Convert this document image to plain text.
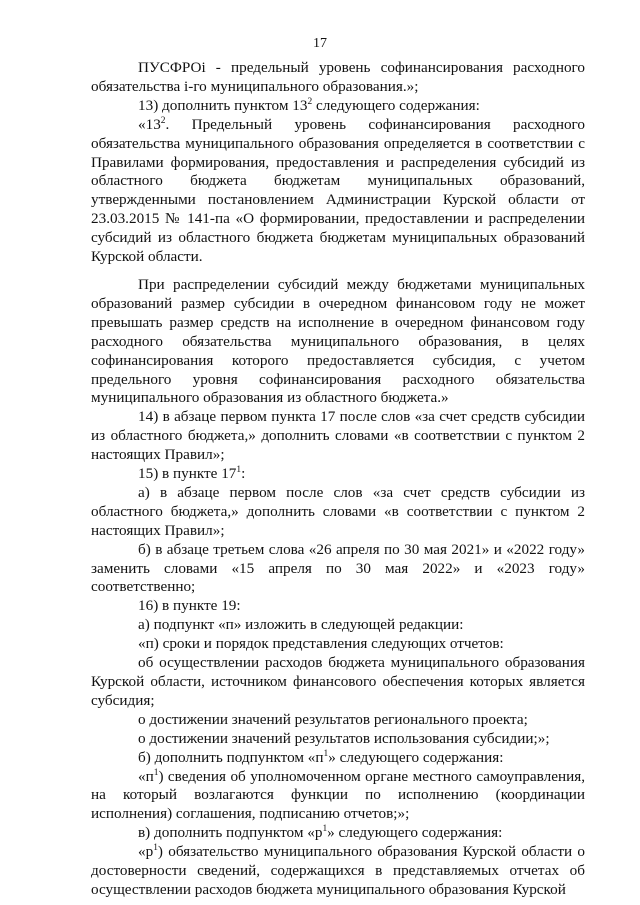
17

ПУСФРОi - предельный уровень софинансирования расходного обязательства i-го муниципального образования.»;

13) дополнить пунктом $13^2$ следующего содержания:

«$13^2$. Предельный уровень софинансирования расходного обязательства муниципального образования определяется в соответствии с Правилами формирования, предоставления и распределения субсидий из областного бюджета бюджетам муниципальных образований, утвержденными постановлением Администрации Курской области от 23.03.2015 № 141-па «О формировании, предоставлении и распределении субсидий из областного бюджета бюджетам муниципальных образований Курской области.

При распределении субсидий между бюджетами муниципальных образований размер субсидии в очередном финансовом году не может превышать размер средств на исполнение в очередном финансовом году расходного обязательства муниципального образования, в целях софинансирования которого предоставляется субсидия, с учетом предельного уровня софинансирования расходного обязательства муниципального образования из областного бюджета.»

14) в абзаце первом пункта 17 после слов «за счет средств субсидии из областного бюджета,» дополнить словами «в соответствии с пунктом 2 настоящих Правил»;

15) в пункте $17^1$:

а) в абзаце первом после слов «за счет средств субсидии из областного бюджета,» дополнить словами «в соответствии с пунктом 2 настоящих Правил»;

б) в абзаце третьем слова «26 апреля по 30 мая 2021» и «2022 году» заменить словами «15 апреля по 30 мая 2022» и «2023 году» соответственно;

16) в пункте 19:

а) подпункт «п» изложить в следующей редакции:

«п) сроки и порядок представления следующих отчетов:

об осуществлении расходов бюджета муниципального образования Курской области, источником финансового обеспечения которых является субсидия;

о достижении значений результатов регионального проекта;

о достижении значений результатов использования субсидии;»;

б) дополнить подпунктом «$п^1$» следующего содержания:

«$п^1$) сведения об уполномоченном органе местного самоуправления, на который возлагаются функции по исполнению (координации исполнения) соглашения, подписанию отчетов;»;

в) дополнить подпунктом «$р^1$» следующего содержания:

«$р^1$) обязательство муниципального образования Курской области о достоверности сведений, содержащихся в представляемых отчетах об осуществлении расходов бюджета муниципального образования Курской
